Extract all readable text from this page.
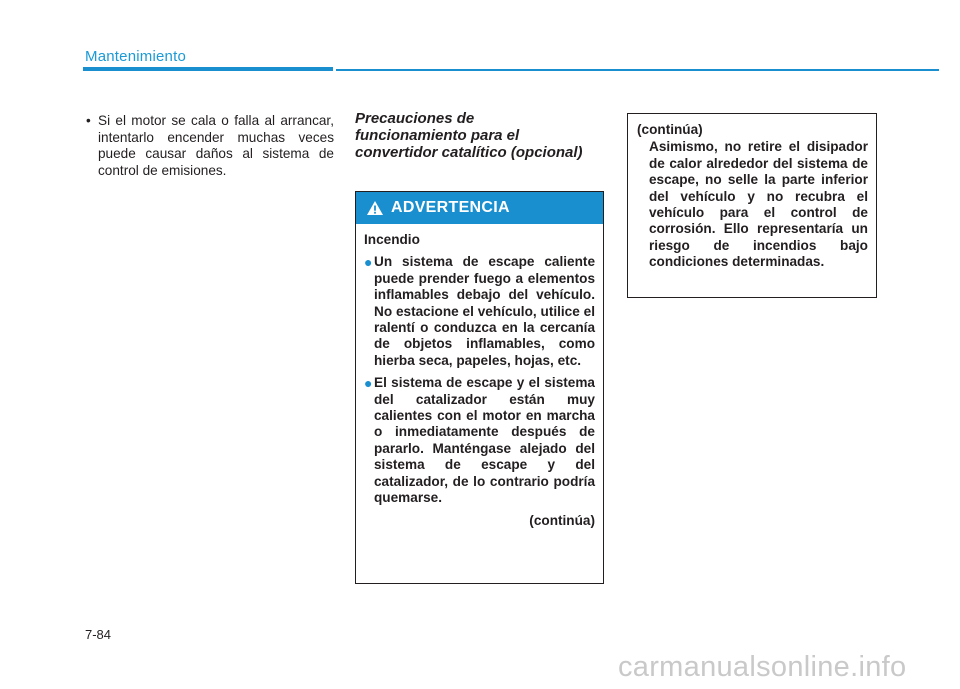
Mantenimiento
• Si el motor se cala o falla al arrancar, intentarlo encender muchas veces puede causar daños al sistema de control de emisiones.
Precauciones de funcionamiento para el convertidor catalítico (opcional)
ADVERTENCIA
Incendio
● Un sistema de escape caliente puede prender fuego a elementos inflamables debajo del vehículo. No estacione el vehículo, utilice el ralentí o conduzca en la cercanía de objetos inflamables, como hierba seca, papeles, hojas, etc.
● El sistema de escape y el sistema del catalizador están muy calientes con el motor en marcha o inmediatamente después de pararlo. Manténgase alejado del sistema de escape y del catalizador, de lo contrario podría quemarse.
(continúa)
(continúa)
Asimismo, no retire el disipador de calor alrededor del sistema de escape, no selle la parte inferior del vehículo y no recubra el vehículo para el control de corrosión. Ello representaría un riesgo de incendios bajo condiciones determinadas.
7-84
carmanualsonline.info
